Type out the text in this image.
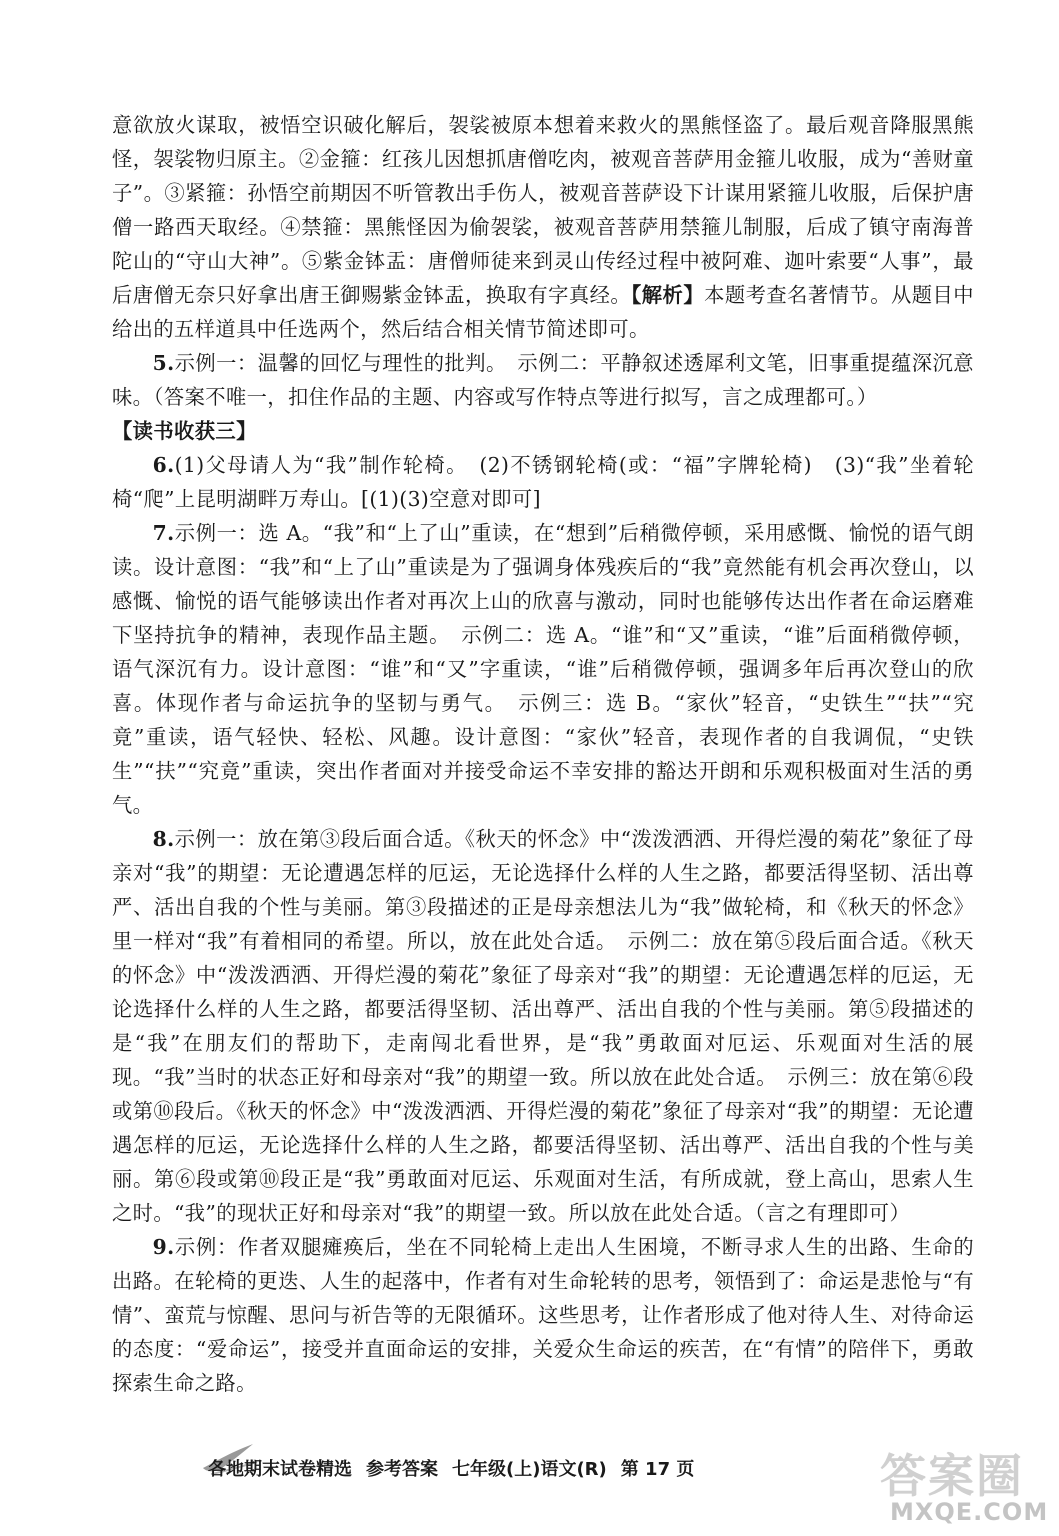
意欲放火谋取，被悟空识破化解后，袈裟被原本想着来救火的黑熊怪盗了。最后观音降服黑熊怪，袈裟物归原主。②金箍：红孩儿因想抓唐僧吃肉，被观音菩萨用金箍儿收服，成为“善财童子”。③紧箍：孙悟空前期因不听管教出手伤人，被观音菩萨设下计谋用紧箍儿收服，后保护唐僧一路西天取经。④禁箍：黑熊怪因为偷袈裟，被观音菩萨用禁箍儿制服，后成了镇守南海普陀山的“守山大神”。⑤紫金钵盂：唐僧师徒来到灵山传经过程中被阿难、迦叶索要“人事”，最后唐僧无奈只好拿出唐王御赐紫金钵盂，换取有字真经。【解析】本题考查名著情节。从题目中给出的五样道具中任选两个，然后结合相关情节简述即可。

5.示例一：温馨的回忆与理性的批判。　示例二：平静叙述透犀利文笔，旧事重提蕴深沉意味。（答案不唯一，扣住作品的主题、内容或写作特点等进行拟写，言之成理都可。）

【读书收获三】

6.(1)父母请人为“我”制作轮椅。　(2)不锈钢轮椅(或：“福”字牌轮椅)　(3)“我”坐着轮椅“爬”上昆明湖畔万寿山。[(1)(3)空意对即可]

7.示例一：选 A。“我”和“上了山”重读，在“想到”后稍微停顿，采用感慨、愉悦的语气朗读。设计意图：“我”和“上了山”重读是为了强调身体残疾后的“我”竟然能有机会再次登山，以感慨、愉悦的语气能够读出作者对再次上山的欣喜与激动，同时也能够传达出作者在命运磨难下坚持抗争的精神，表现作品主题。　示例二：选 A。“谁”和“又”重读，“谁”后面稍微停顿，语气深沉有力。设计意图：“谁”和“又”字重读，“谁”后稍微停顿，强调多年后再次登山的欣喜。体现作者与命运抗争的坚韧与勇气。　示例三：选 B。“家伙”轻音，“史铁生”“扶”“究竟”重读，语气轻快、轻松、风趣。设计意图：“家伙”轻音，表现作者的自我调侃，“史铁生”“扶”“究竟”重读，突出作者面对并接受命运不幸安排的豁达开朗和乐观积极面对生活的勇气。

8.示例一：放在第③段后面合适。《秋天的怀念》中“泼泼洒洒、开得烂漫的菊花”象征了母亲对“我”的期望：无论遭遇怎样的厄运，无论选择什么样的人生之路，都要活得坚韧、活出尊严、活出自我的个性与美丽。第③段描述的正是母亲想法儿为“我”做轮椅，和《秋天的怀念》里一样对“我”有着相同的希望。所以，放在此处合适。　示例二：放在第⑤段后面合适。《秋天的怀念》中“泼泼洒洒、开得烂漫的菊花”象征了母亲对“我”的期望：无论遭遇怎样的厄运，无论选择什么样的人生之路，都要活得坚韧、活出尊严、活出自我的个性与美丽。第⑤段描述的是“我”在朋友们的帮助下，走南闯北看世界，是“我”勇敢面对厄运、乐观面对生活的展现。“我”当时的状态正好和母亲对“我”的期望一致。所以放在此处合适。　示例三：放在第⑥段或第⑩段后。《秋天的怀念》中“泼泼洒洒、开得烂漫的菊花”象征了母亲对“我”的期望：无论遭遇怎样的厄运，无论选择什么样的人生之路，都要活得坚韧、活出尊严、活出自我的个性与美丽。第⑥段或第⑩段正是“我”勇敢面对厄运、乐观面对生活，有所成就，登上高山，思索人生之时。“我”的现状正好和母亲对“我”的期望一致。所以放在此处合适。（言之有理即可）

9.示例：作者双腿瘫痪后，坐在不同轮椅上走出人生困境，不断寻求人生的出路、生命的出路。在轮椅的更迭、人生的起落中，作者有对生命轮转的思考，领悟到了：命运是悲怆与“有情”、蛮荒与惊醒、思问与祈告等的无限循环。这些思考，让作者形成了他对待人生、对待命运的态度：“爱命运”，接受并直面命运的安排，关爱众生命运的疾苦，在“有情”的陪伴下，勇敢探索生命之路。

各地期末试卷精选 参考答案 七年级(上)语文(R) 第 17 页	答案圈
MXQE.COM
